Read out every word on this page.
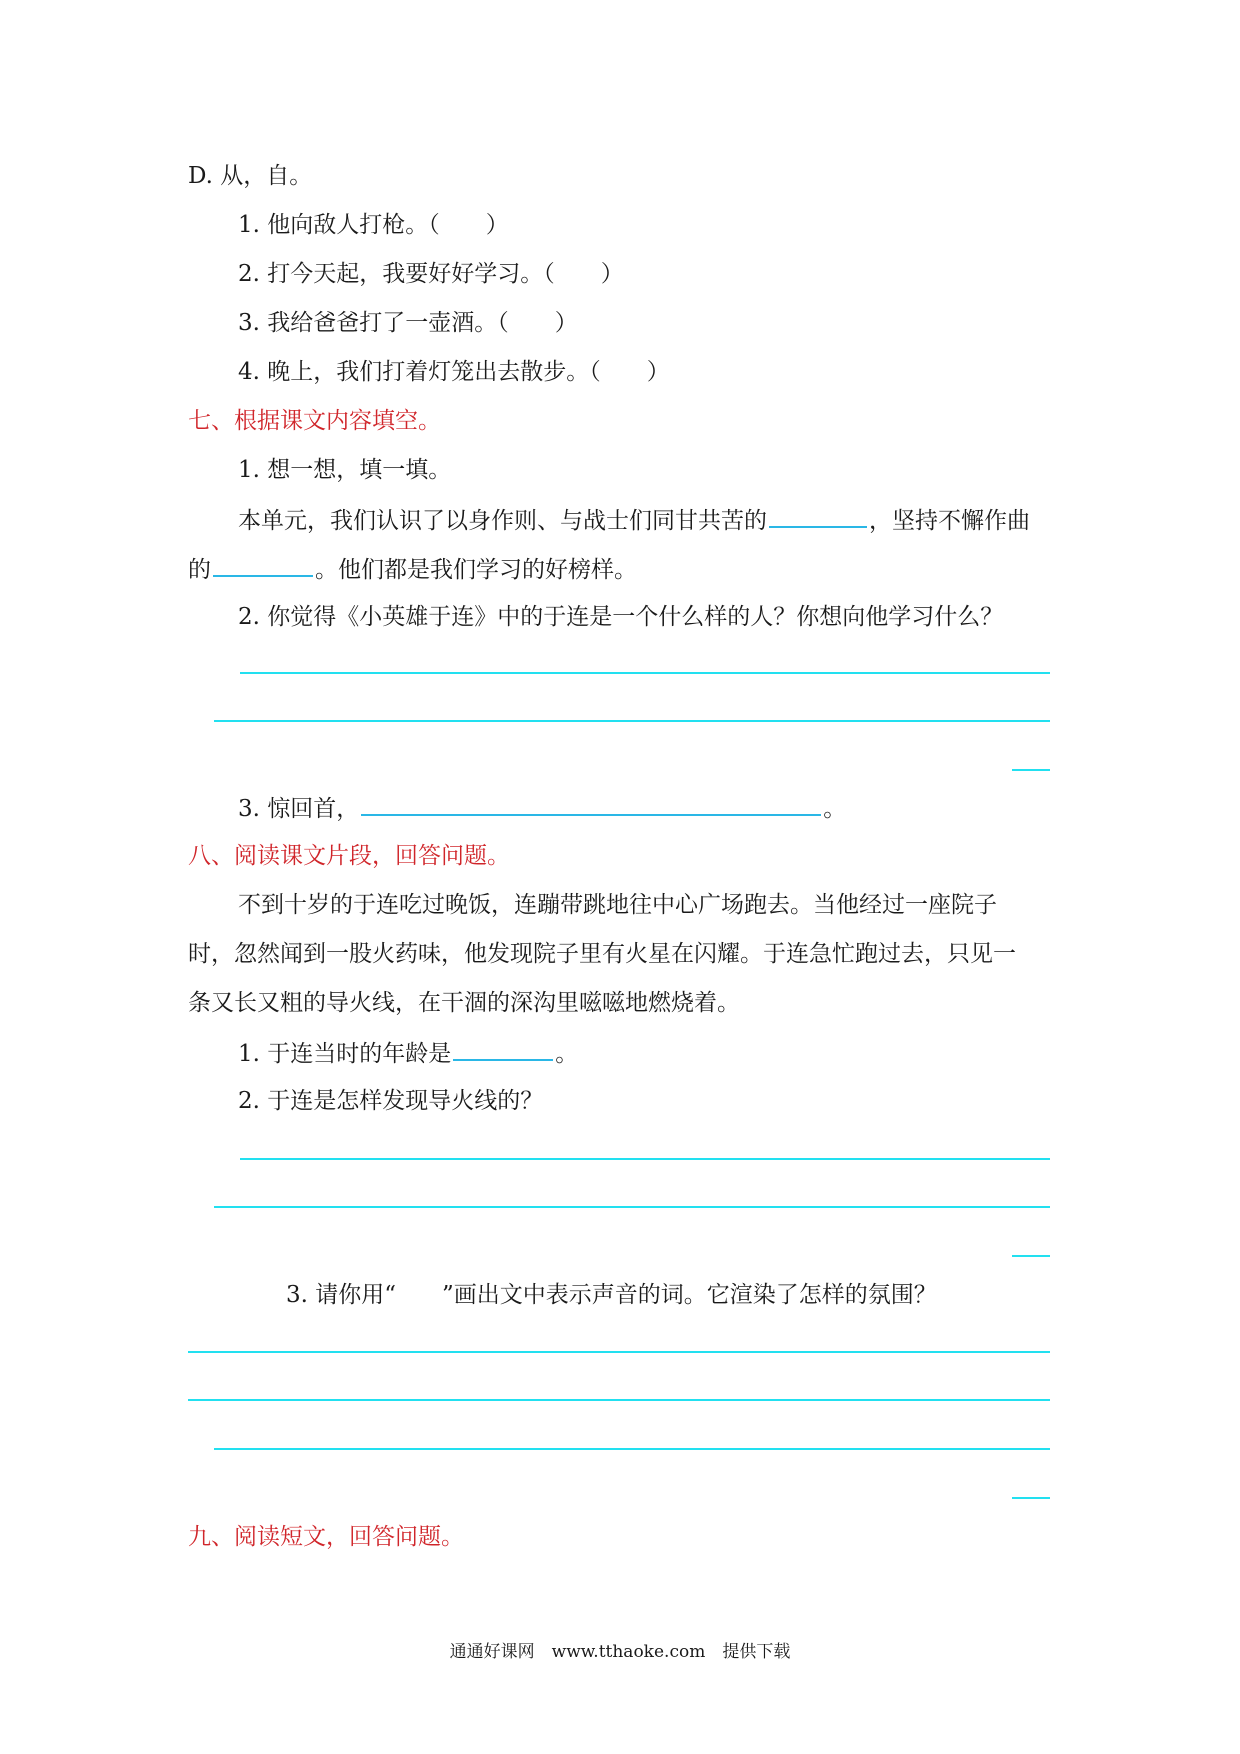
D. 从，自。
1. 他向敌人打枪。（　　）
2. 打今天起，我要好好学习。（　　）
3. 我给爸爸打了一壶酒。（　　）
4. 晚上，我们打着灯笼出去散步。（　　）
七、根据课文内容填空。
1. 想一想，填一填。
本单元，我们认识了以身作则、与战士们同甘共苦的	，坚持不懈作曲
的	。他们都是我们学习的好榜样。
2. 你觉得《小英雄于连》中的于连是一个什么样的人？你想向他学习什么？
3. 惊回首，	。
八、阅读课文片段，回答问题。
不到十岁的于连吃过晚饭，连蹦带跳地往中心广场跑去。当他经过一座院子
时，忽然闻到一股火药味，他发现院子里有火星在闪耀。于连急忙跑过去，只见一
条又长又粗的导火线，在干涸的深沟里嗞嗞地燃烧着。
1. 于连当时的年龄是	。
2. 于连是怎样发现导火线的？
3. 请你用“ ”画出文中表示声音的词。它渲染了怎样的氛围？
九、阅读短文，回答问题。
通通好课网　www.tthaoke.com　提供下载
